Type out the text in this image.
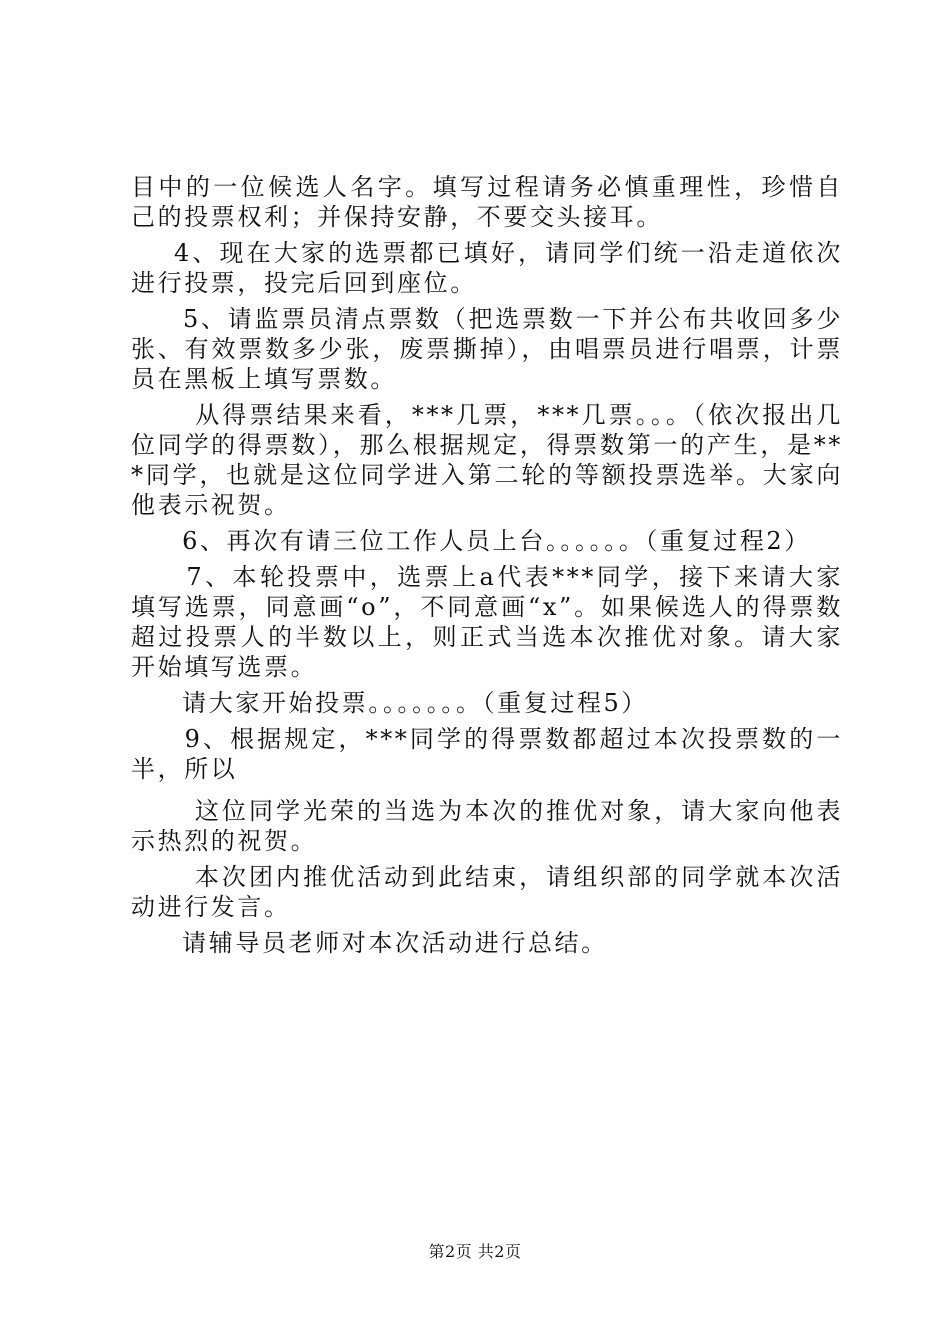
目中的一位候选人名字。填写过程请务必慎重理性，珍惜自己的投票权利；并保持安静，不要交头接耳。

4、现在大家的选票都已填好，请同学们统一沿走道依次进行投票，投完后回到座位。

5、请监票员清点票数（把选票数一下并公布共收回多少张、有效票数多少张，废票撕掉），由唱票员进行唱票，计票员在黑板上填写票数。

从得票结果来看，***几票，***几票。。。（依次报出几位同学的得票数），那么根据规定，得票数第一的产生，是***同学，也就是这位同学进入第二轮的等额投票选举。大家向他表示祝贺。

6、再次有请三位工作人员上台。。。。。。（重复过程2）

7、本轮投票中，选票上a代表***同学，接下来请大家填写选票，同意画“o”，不同意画“x”。如果候选人的得票数超过投票人的半数以上，则正式当选本次推优对象。请大家开始填写选票。

请大家开始投票。。。。。。。（重复过程5）

9、根据规定，***同学的得票数都超过本次投票数的一半，所以

这位同学光荣的当选为本次的推优对象，请大家向他表示热烈的祝贺。

本次团内推优活动到此结束，请组织部的同学就本次活动进行发言。

请辅导员老师对本次活动进行总结。

第2页 共2页
